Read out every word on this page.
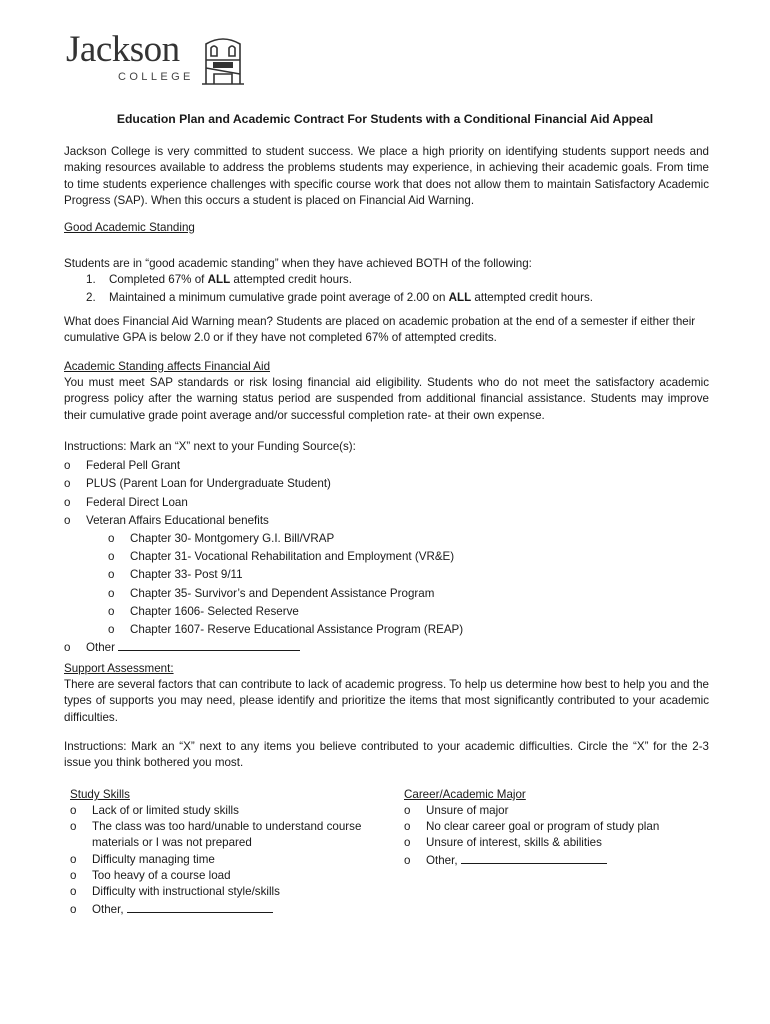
Jackson
COLLEGE
Education Plan and Academic Contract For Students with a Conditional Financial Aid Appeal

Jackson College is very committed to student success. We place a high priority on identifying students support needs and making resources available to address the problems students may experience, in achieving their academic goals. From time to time students experience challenges with specific course work that does not allow them to maintain Satisfactory Academic Progress (SAP). When this occurs a student is placed on Financial Aid Warning.

Good Academic Standing
Students are in “good academic standing” when they have achieved BOTH of the following:
1. Completed 67% of ALL attempted credit hours.
2. Maintained a minimum cumulative grade point average of 2.00 on ALL attempted credit hours.

What does Financial Aid Warning mean? Students are placed on academic probation at the end of a semester if either their cumulative GPA is below 2.0 or if they have not completed 67% of attempted credits.

Academic Standing affects Financial Aid

You must meet SAP standards or risk losing financial aid eligibility. Students who do not meet the satisfactory academic progress policy after the warning status period are suspended from additional financial assistance. Students may improve their cumulative grade point average and/or successful completion rate- at their own expense.

Instructions: Mark an “X” next to your Funding Source(s):
o Federal Pell Grant
o PLUS (Parent Loan for Undergraduate Student)
o Federal Direct Loan
o Veteran Affairs Educational benefits
o Chapter 30- Montgomery G.I. Bill/VRAP
o Chapter 31- Vocational Rehabilitation and Employment (VR&E)
o Chapter 33- Post 9/11
o Chapter 35- Survivor’s and Dependent Assistance Program
o Chapter 1606- Selected Reserve
o Chapter 1607- Reserve Educational Assistance Program (REAP)
o Other
Support Assessment:

There are several factors that can contribute to lack of academic progress. To help us determine how best to help you and the types of supports you may need, please identify and prioritize the items that most significantly contributed to your academic difficulties.

Instructions: Mark an “X” next to any items you believe contributed to your academic difficulties. Circle the “X” for the 2-3 issue you think bothered you most.

Study Skills
o Lack of or limited study skills
o The class was too hard/unable to understand course
materials or I was not prepared
o Difficulty managing time
o Too heavy of a course load
o Difficulty with instructional style/skills
o Other,
Career/Academic Major
o Unsure of major
o No clear career goal or program of study plan
o Unsure of interest, skills & abilities
o Other,
